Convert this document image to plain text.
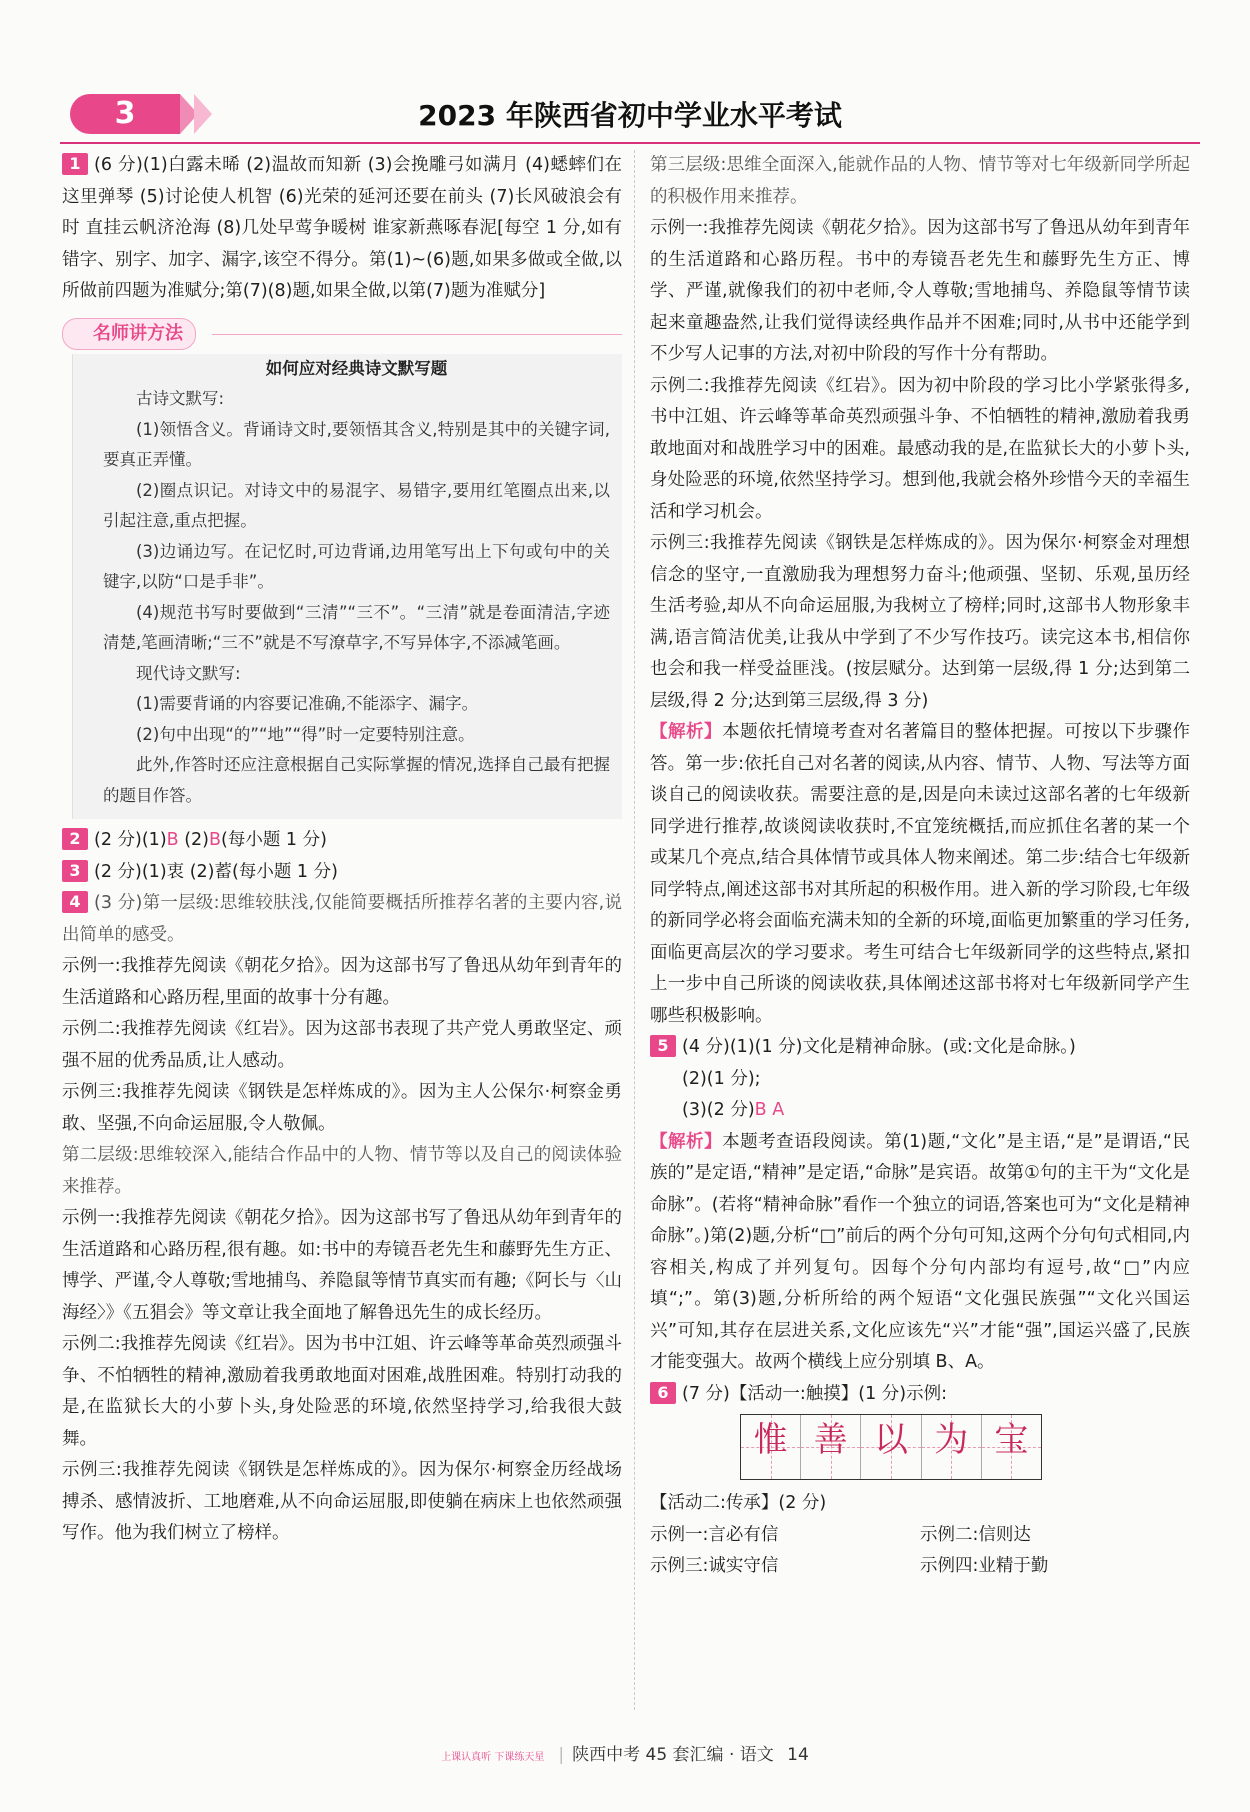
3	2023 年陕西省初中学业水平考试

1 (6 分)(1)白露未晞 (2)温故而知新 (3)会挽雕弓如满月 (4)蟋蟀们在这里弹琴 (5)讨论使人机智 (6)光荣的延河还要在前头 (7)长风破浪会有时 直挂云帆济沧海 (8)几处早莺争暖树 谁家新燕啄春泥[每空 1 分,如有错字、别字、加字、漏字,该空不得分。第(1)~(6)题,如果多做或全做,以所做前四题为准赋分;第(7)(8)题,如果全做,以第(7)题为准赋分]

名师讲方法
如何应对经典诗文默写题

古诗文默写:

(1)领悟含义。背诵诗文时,要领悟其含义,特别是其中的关键字词,要真正弄懂。

(2)圈点识记。对诗文中的易混字、易错字,要用红笔圈点出来,以引起注意,重点把握。

(3)边诵边写。在记忆时,可边背诵,边用笔写出上下句或句中的关键字,以防“口是手非”。

(4)规范书写时要做到“三清”“三不”。“三清”就是卷面清洁,字迹清楚,笔画清晰;“三不”就是不写潦草字,不写异体字,不添减笔画。

现代诗文默写:

(1)需要背诵的内容要记准确,不能添字、漏字。

(2)句中出现“的”“地”“得”时一定要特别注意。

此外,作答时还应注意根据自己实际掌握的情况,选择自己最有把握的题目作答。

2 (2 分)(1)B (2)B(每小题 1 分)

3 (2 分)(1)衷 (2)蓄(每小题 1 分)

4 (3 分)第一层级:思维较肤浅,仅能简要概括所推荐名著的主要内容,说出简单的感受。

示例一:我推荐先阅读《朝花夕拾》。因为这部书写了鲁迅从幼年到青年的生活道路和心路历程,里面的故事十分有趣。

示例二:我推荐先阅读《红岩》。因为这部书表现了共产党人勇敢坚定、顽强不屈的优秀品质,让人感动。

示例三:我推荐先阅读《钢铁是怎样炼成的》。因为主人公保尔·柯察金勇敢、坚强,不向命运屈服,令人敬佩。

第二层级:思维较深入,能结合作品中的人物、情节等以及自己的阅读体验来推荐。

示例一:我推荐先阅读《朝花夕拾》。因为这部书写了鲁迅从幼年到青年的生活道路和心路历程,很有趣。如:书中的寿镜吾老先生和藤野先生方正、博学、严谨,令人尊敬;雪地捕鸟、养隐鼠等情节真实而有趣;《阿长与〈山海经〉》《五猖会》等文章让我全面地了解鲁迅先生的成长经历。

示例二:我推荐先阅读《红岩》。因为书中江姐、许云峰等革命英烈顽强斗争、不怕牺牲的精神,激励着我勇敢地面对困难,战胜困难。特别打动我的是,在监狱长大的小萝卜头,身处险恶的环境,依然坚持学习,给我很大鼓舞。

示例三:我推荐先阅读《钢铁是怎样炼成的》。因为保尔·柯察金历经战场搏杀、感情波折、工地磨难,从不向命运屈服,即使躺在病床上也依然顽强写作。他为我们树立了榜样。

第三层级:思维全面深入,能就作品的人物、情节等对七年级新同学所起的积极作用来推荐。

示例一:我推荐先阅读《朝花夕拾》。因为这部书写了鲁迅从幼年到青年的生活道路和心路历程。书中的寿镜吾老先生和藤野先生方正、博学、严谨,就像我们的初中老师,令人尊敬;雪地捕鸟、养隐鼠等情节读起来童趣盎然,让我们觉得读经典作品并不困难;同时,从书中还能学到不少写人记事的方法,对初中阶段的写作十分有帮助。

示例二:我推荐先阅读《红岩》。因为初中阶段的学习比小学紧张得多,书中江姐、许云峰等革命英烈顽强斗争、不怕牺牲的精神,激励着我勇敢地面对和战胜学习中的困难。最感动我的是,在监狱长大的小萝卜头,身处险恶的环境,依然坚持学习。想到他,我就会格外珍惜今天的幸福生活和学习机会。

示例三:我推荐先阅读《钢铁是怎样炼成的》。因为保尔·柯察金对理想信念的坚守,一直激励我为理想努力奋斗;他顽强、坚韧、乐观,虽历经生活考验,却从不向命运屈服,为我树立了榜样;同时,这部书人物形象丰满,语言简洁优美,让我从中学到了不少写作技巧。读完这本书,相信你也会和我一样受益匪浅。(按层赋分。达到第一层级,得 1 分;达到第二层级,得 2 分;达到第三层级,得 3 分)

【解析】本题依托情境考查对名著篇目的整体把握。可按以下步骤作答。第一步:依托自己对名著的阅读,从内容、情节、人物、写法等方面谈自己的阅读收获。需要注意的是,因是向未读过这部名著的七年级新同学进行推荐,故谈阅读收获时,不宜笼统概括,而应抓住名著的某一个或某几个亮点,结合具体情节或具体人物来阐述。第二步:结合七年级新同学特点,阐述这部书对其所起的积极作用。进入新的学习阶段,七年级的新同学必将会面临充满未知的全新的环境,面临更加繁重的学习任务,面临更高层次的学习要求。考生可结合七年级新同学的这些特点,紧扣上一步中自己所谈的阅读收获,具体阐述这部书将对七年级新同学产生哪些积极影响。

5 (4 分)(1)(1 分)文化是精神命脉。(或:文化是命脉。)

(2)(1 分);

(3)(2 分)B A

【解析】本题考查语段阅读。第(1)题,“文化”是主语,“是”是谓语,“民族的”是定语,“精神”是定语,“命脉”是宾语。故第①句的主干为“文化是命脉”。(若将“精神命脉”看作一个独立的词语,答案也可为“文化是精神命脉”。)第(2)题,分析“□”前后的两个分句可知,这两个分句句式相同,内容相关,构成了并列复句。因每个分句内部均有逗号,故“□”内应填“;”。第(3)题,分析所给的两个短语“文化强民族强”“文化兴国运兴”可知,其存在层进关系,文化应该先“兴”才能“强”,国运兴盛了,民族才能变强大。故两个横线上应分别填 B、A。

6 (7 分)【活动一:触摸】(1 分)示例:

惟 善 以 为 宝

【活动二:传承】(2 分)

示例一:言必有信	示例二:信则达
示例三:诚实守信	示例四:业精于勤
上课认真听 下课练天星 | 陕西中考 45 套汇编 · 语文 14
